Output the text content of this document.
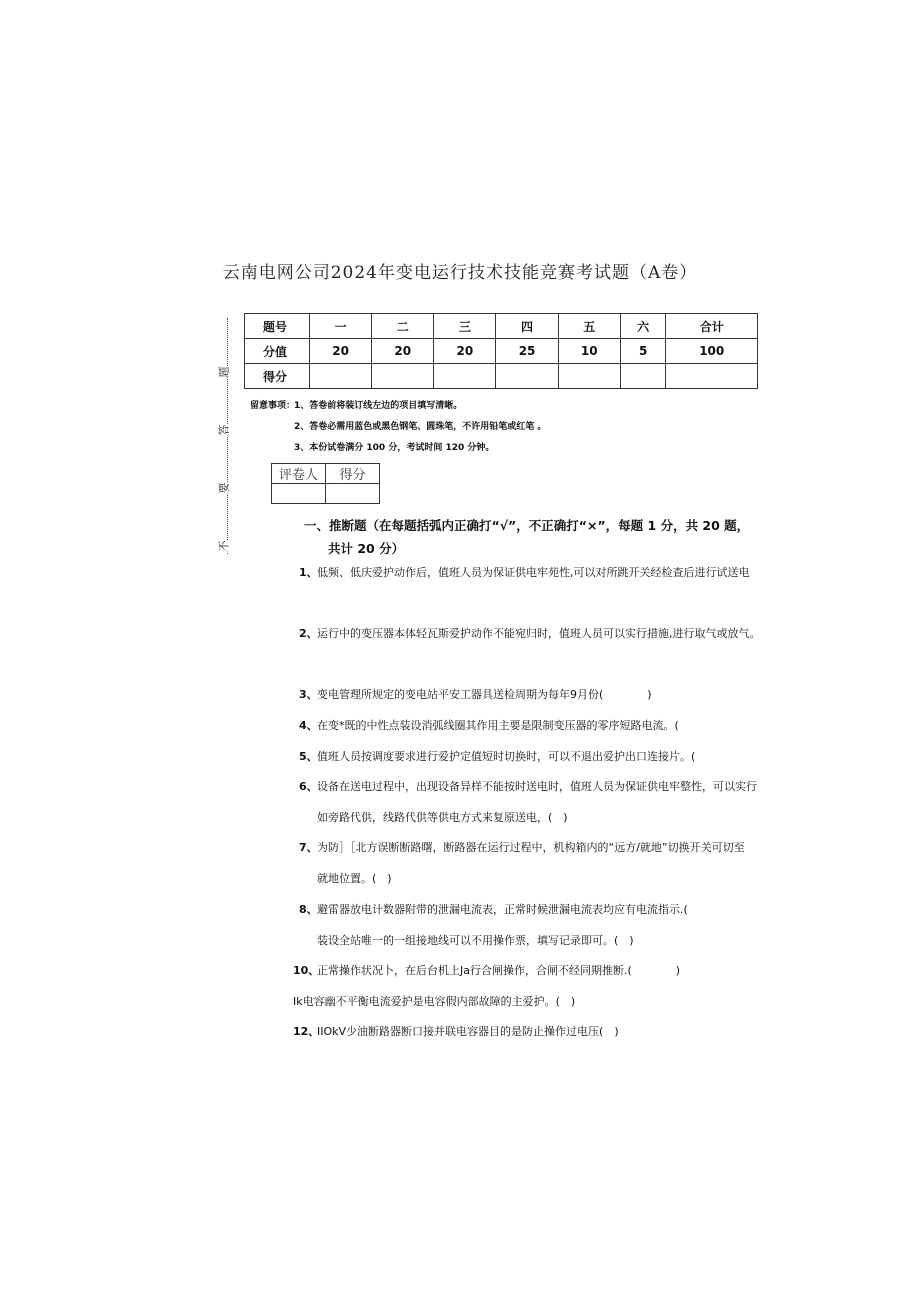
云南电网公司2024年变电运行技术技能竞赛考试题（A卷）
不
要
答
题
题号	一	二	三	四	五	六	合计
分值	20	20	20	25	10	5	100
得分							
留意事项：1、答卷前将装订线左边的项目填写清晰。
2、答卷必需用蓝色或黑色钢笔、圆珠笔，不许用铅笔或红笔 。
3、本份试卷满分 100 分，考试时间 120 分钟。
评卷人	得分

一、推断题（在每题括弧内正确打“√”，不正确打“×”，每题 1 分，共 20 题，
共计 20 分）
1、低频、低庆爱护动作后，值班人员为保证供电牢苑性,可以对所跳开关经检查后进行试送电
2、运行中的变压器本体轻瓦斯爱护动作不能宛归时，值班人员可以实行措施,进行取气或放气。
3、变电管理所规定的变电站平安工器具送检周期为每年9月份(　　　　)
4、在变*既的中性点装设消弧线圈其作用主要是限制变压器的零序短路电流。(
5、值班人员按调度要求进行爱护定值短时切换时，可以不退出爱护出口连接片。(
6、设备在送电过程中，出现设备异样不能按时送电时，值班人员为保证供电牢整性，可以实行
如旁路代供，线路代供等供电方式来复原送电，(　)
7、为防］［北方误断断路曙，断路器在运行过程中，机构箱内的“远方/就地”切换开关可切至
就地位置。(　)
8、避雷器放电计数器附带的泄漏电流表，正常时候泄漏电流表均应有电流指示.(
装设全站唯一的一组接地线可以不用操作票，填写记录即可。(　)
10、正常操作状况卜，在后台机上Ja行合闸操作，合闸不经同期推断.(　　　　)
Ik电容幽不平衡电流爱护是电容假内部故障的主爱护。(　)
12、IIOkV少油断路器断口接并联电容器目的是防止操作过电压(　)
